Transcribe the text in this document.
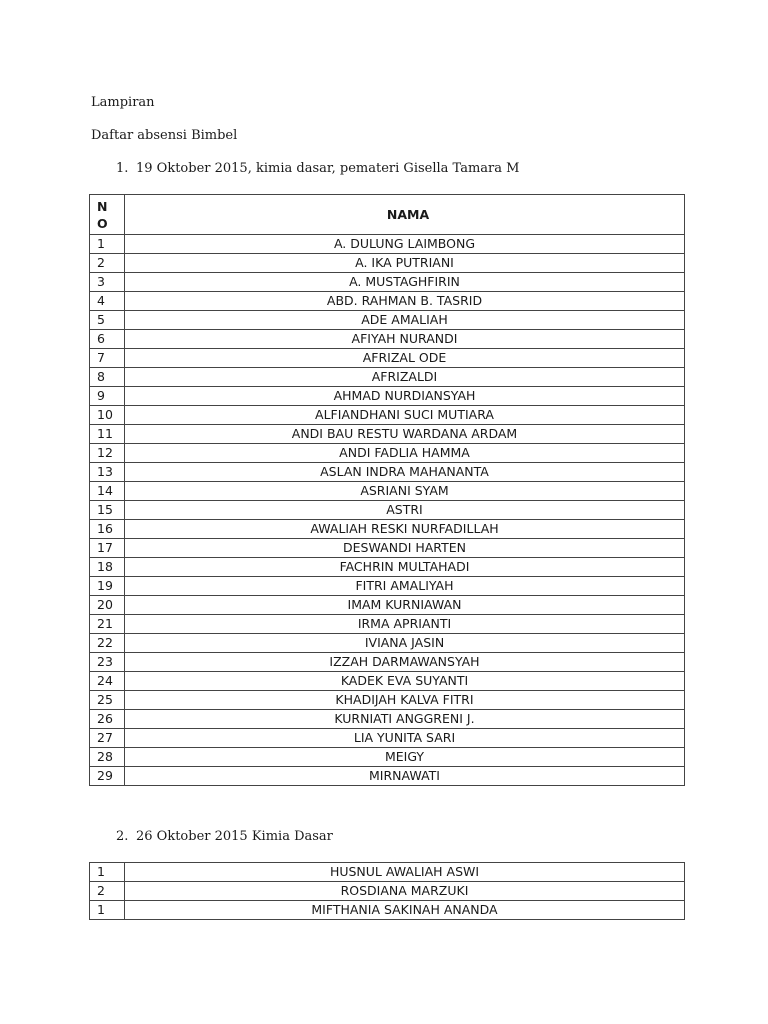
Lampiran

Daftar absensi Bimbel

1. 19 Oktober 2015, kimia dasar, pemateri Gisella Tamara M

N
O	NAMA
1	A. DULUNG LAIMBONG
2	A. IKA PUTRIANI
3	A. MUSTAGHFIRIN
4	ABD. RAHMAN B. TASRID
5	ADE AMALIAH
6	AFIYAH NURANDI
7	AFRIZAL ODE
8	AFRIZALDI
9	AHMAD NURDIANSYAH
10	ALFIANDHANI SUCI MUTIARA
11	ANDI BAU RESTU WARDANA ARDAM
12	ANDI FADLIA HAMMA
13	ASLAN INDRA MAHANANTA
14	ASRIANI SYAM
15	ASTRI
16	AWALIAH RESKI NURFADILLAH
17	DESWANDI HARTEN
18	FACHRIN MULTAHADI
19	FITRI AMALIYAH
20	IMAM KURNIAWAN
21	IRMA APRIANTI
22	IVIANA JASIN
23	IZZAH DARMAWANSYAH
24	KADEK EVA SUYANTI
25	KHADIJAH KALVA FITRI
26	KURNIATI ANGGRENI J.
27	LIA YUNITA SARI
28	MEIGY
29	MIRNAWATI

2. 26 Oktober 2015 Kimia Dasar

1	HUSNUL AWALIAH ASWI
2	ROSDIANA MARZUKI
1	MIFTHANIA SAKINAH ANANDA
